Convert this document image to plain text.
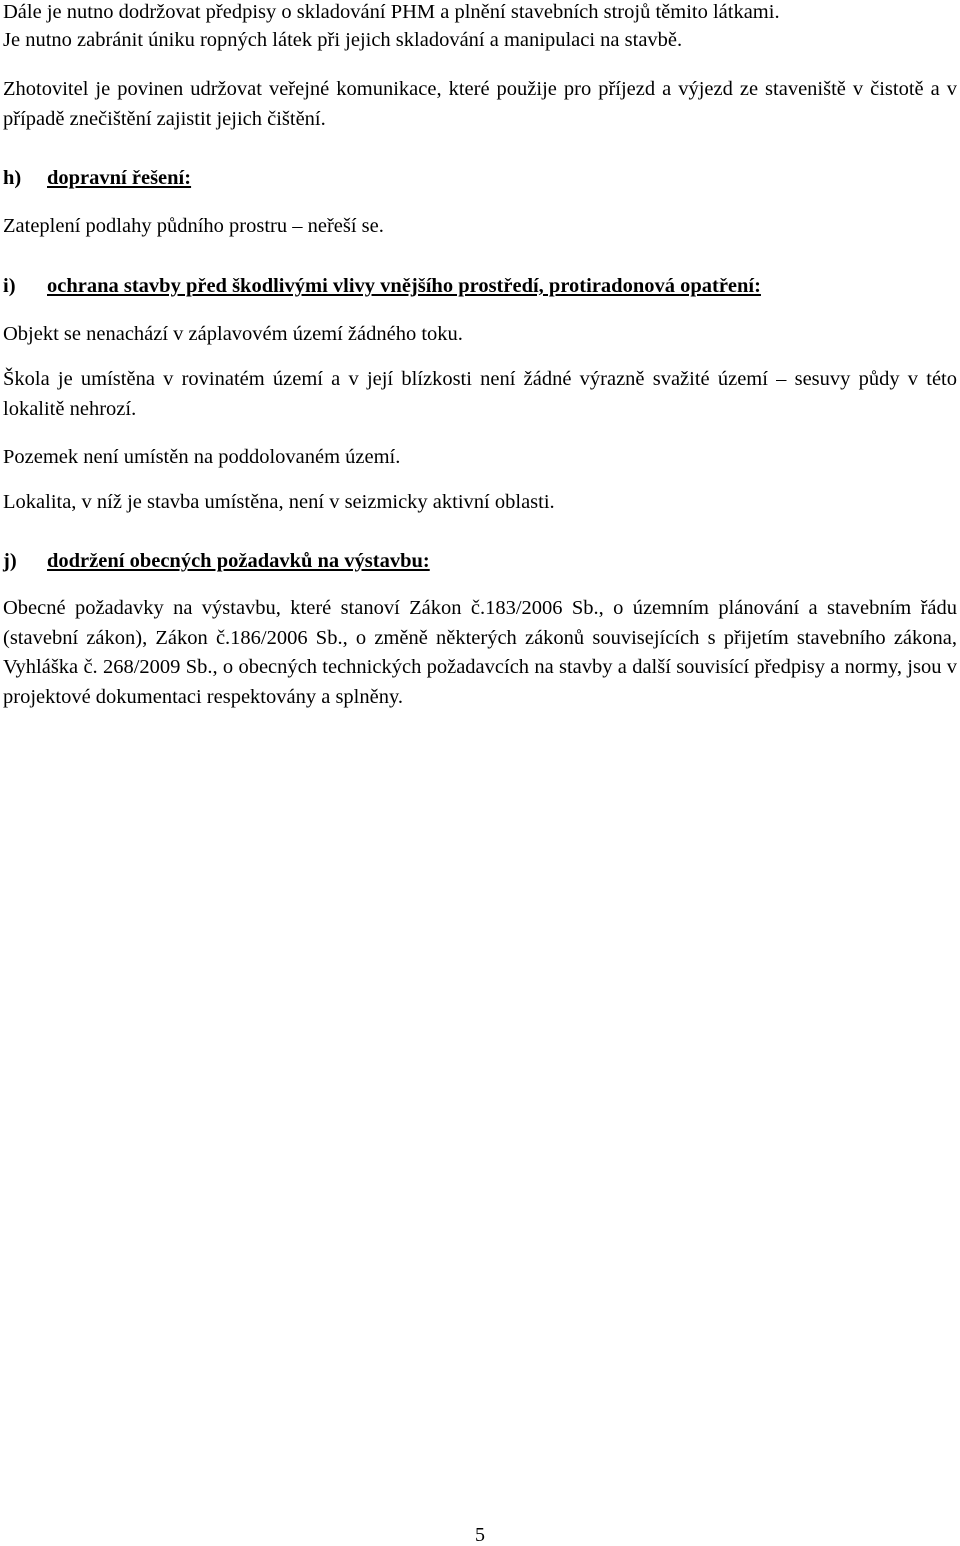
Dále je nutno dodržovat předpisy o skladování PHM a plnění stavebních strojů těmito látkami.

Je nutno zabránit úniku ropných látek při jejich skladování a manipulaci na stavbě.

Zhotovitel je povinen udržovat veřejné komunikace, které použije pro příjezd a výjezd ze staveniště v čistotě a v případě znečištění zajistit jejich čištění.

h) dopravní řešení:

Zateplení podlahy půdního prostru – neřeší se.

i) ochrana stavby před škodlivými vlivy vnějšího prostředí, protiradonová opatření:

Objekt se nenachází v záplavovém území žádného toku.

Škola je umístěna v rovinatém území a v její blízkosti není žádné výrazně svažité území – sesuvy půdy v této lokalitě nehrozí.

Pozemek není umístěn na poddolovaném území.

Lokalita, v níž je stavba umístěna, není v seizmicky aktivní oblasti.

j) dodržení obecných požadavků na výstavbu:

Obecné požadavky na výstavbu, které stanoví Zákon č.183/2006 Sb., o územním plánování a stavebním řádu (stavební zákon), Zákon č.186/2006 Sb., o změně některých zákonů souvisejících s přijetím stavebního zákona, Vyhláška č. 268/2009 Sb., o obecných technických požadavcích na stavby a další souvisící předpisy a normy, jsou v projektové dokumentaci respektovány a splněny.

5
